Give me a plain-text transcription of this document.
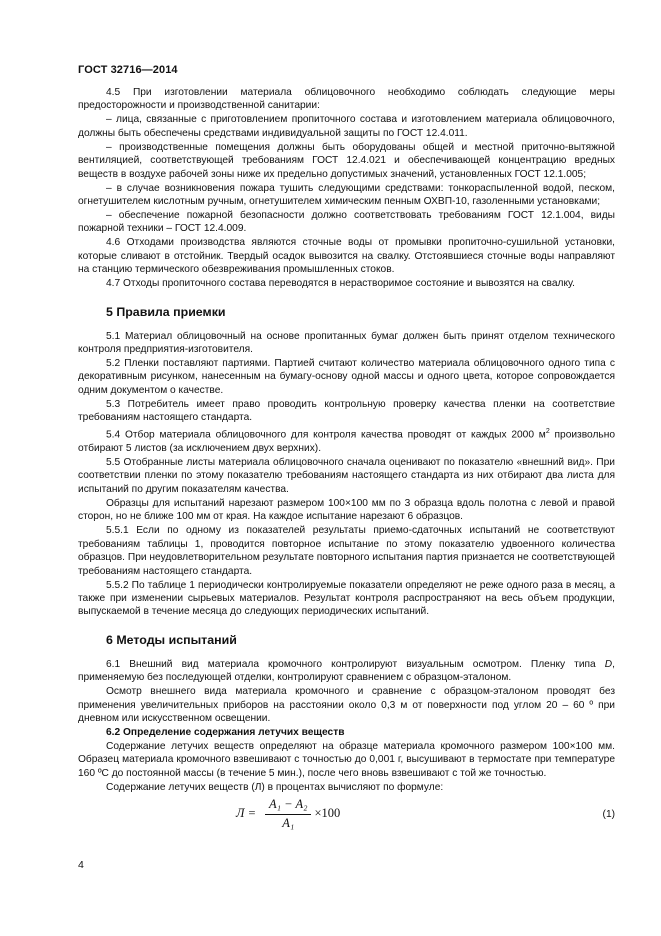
ГОСТ 32716—2014

4.5 При изготовлении материала облицовочного необходимо соблюдать следующие меры предосторожности и производственной санитарии:

– лица, связанные с приготовлением пропиточного состава и изготовлением материала облицовочного, должны быть обеспечены средствами индивидуальной защиты по ГОСТ 12.4.011.

– производственные помещения должны быть оборудованы общей и местной приточно-вытяжной вентиляцией, соответствующей требованиям ГОСТ 12.4.021 и обеспечивающей концентрацию вредных веществ в воздухе рабочей зоны ниже их предельно допустимых значений, установленных ГОСТ 12.1.005;

– в случае возникновения пожара тушить следующими средствами: тонкораспыленной водой, песком, огнетушителем кислотным ручным, огнетушителем химическим пенным ОХВП-10, газоленными установками;

– обеспечение пожарной безопасности должно соответствовать требованиям ГОСТ 12.1.004, виды пожарной техники – ГОСТ 12.4.009.

4.6 Отходами производства являются сточные воды от промывки пропиточно-сушильной установки, которые сливают в отстойник. Твердый осадок вывозится на свалку. Отстоявшиеся сточные воды направляют на станцию термического обезвреживания промышленных стоков.

4.7 Отходы пропиточного состава переводятся в нерастворимое состояние и вывозятся на свалку.

5 Правила приемки

5.1 Материал облицовочный на основе пропитанных бумаг должен быть принят отделом технического контроля предприятия-изготовителя.

5.2 Пленки поставляют партиями. Партией считают количество материала облицовочного одного типа с декоративным рисунком, нанесенным на бумагу-основу одной массы и одного цвета, которое сопровождается одним документом о качестве.

5.3 Потребитель имеет право проводить контрольную проверку качества пленки на соответствие требованиям настоящего стандарта.

5.4 Отбор материала облицовочного для контроля качества проводят от каждых 2000 $м^2$ произвольно отбирают 5 листов (за исключением двух верхних).

5.5 Отобранные листы материала облицовочного сначала оценивают по показателю «внешний вид». При соответствии пленки по этому показателю требованиям настоящего стандарта из них отбирают два листа для испытаний по другим показателям качества.

Образцы для испытаний нарезают размером 100×100 мм по 3 образца вдоль полотна с левой и правой сторон, но не ближе 100 мм от края. На каждое испытание нарезают 6 образцов.

5.5.1 Если по одному из показателей результаты приемо-сдаточных испытаний не соответствуют требованиям таблицы 1, проводится повторное испытание по этому показателю удвоенного количества образцов. При неудовлетворительном результате повторного испытания партия признается не соответствующей требованиям настоящего стандарта.

5.5.2 По таблице 1 периодически контролируемые показатели определяют не реже одного раза в месяц, а также при изменении сырьевых материалов. Результат контроля распространяют на весь объем продукции, выпускаемой в течение месяца до следующих периодических испытаний.

6 Методы испытаний

6.1 Внешний вид материала кромочного контролируют визуальным осмотром. Пленку типа D, применяемую без последующей отделки, контролируют сравнением с образцом-эталоном.

Осмотр внешнего вида материала кромочного и сравнение с образцом-эталоном проводят без применения увеличительных приборов на расстоянии около 0,3 м от поверхности под углом 20 – 60 º при дневном или искусственном освещении.

6.2 Определение содержания летучих веществ

Содержание летучих веществ определяют на образце материала кромочного размером 100×100 мм. Образец материала кромочного взвешивают с точностью до 0,001 г, высушивают в термостате при температуре 160 ºС до постоянной массы (в течение 5 мин.), после чего вновь взвешивают с той же точностью.

Содержание летучих веществ (Л) в процентах вычисляют по формуле:

$Л = \frac{\text{A₁ − A₂}}{\text{A₁}} \times 100$	(1)
4
